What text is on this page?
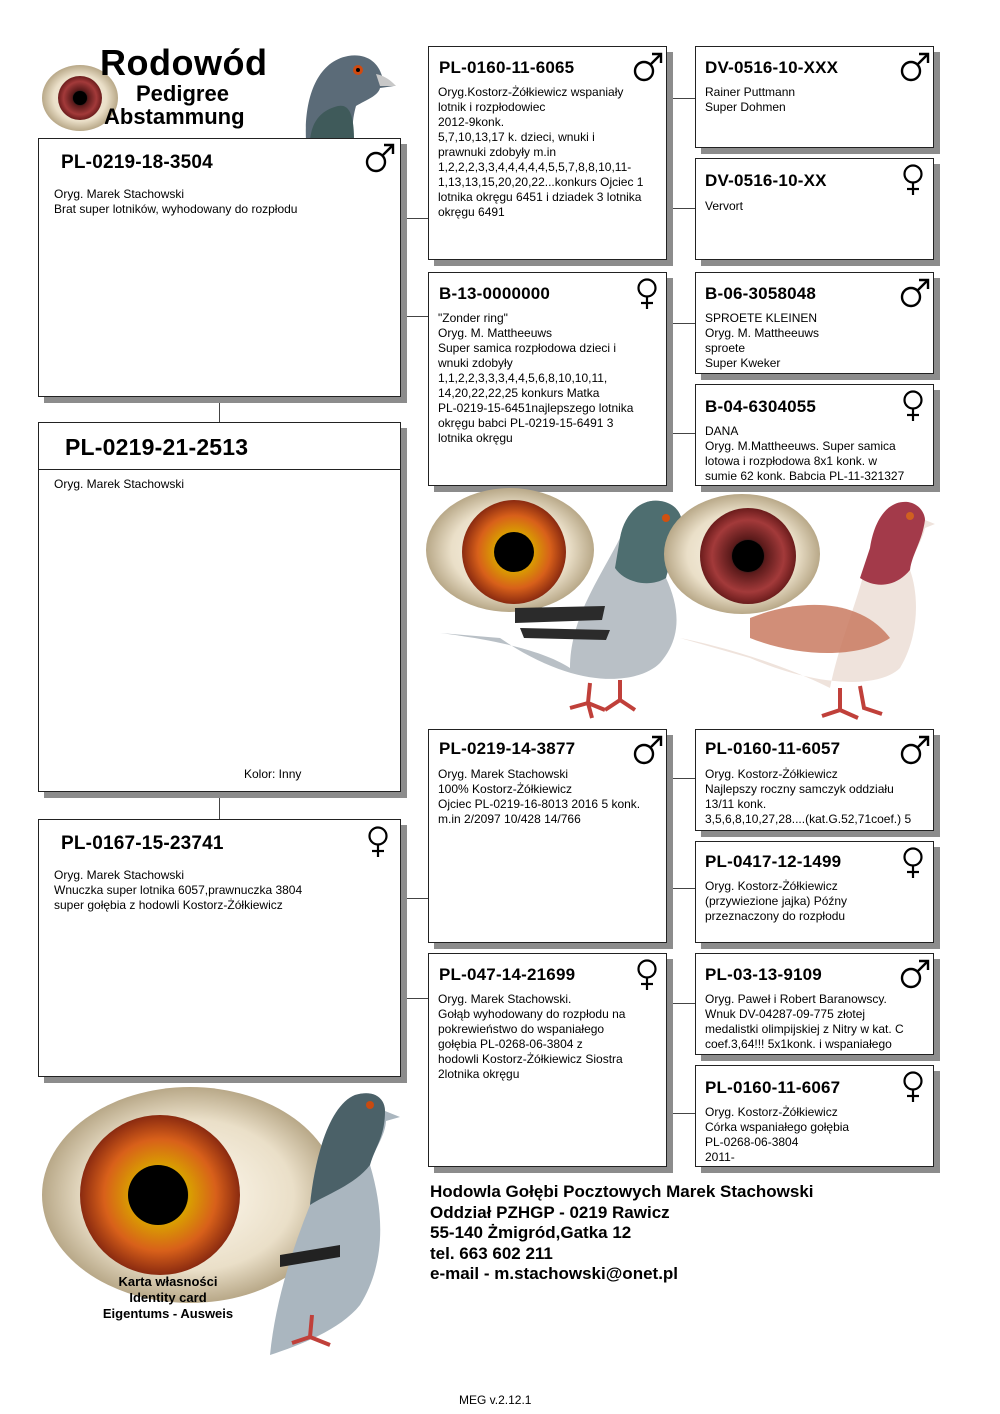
Rodowód
Pedigree
Abstammung
PL-0219-18-3504
Oryg. Marek Stachowski
Brat super lotników, wyhodowany do rozpłodu
PL-0219-21-2513
Oryg. Marek Stachowski
Kolor: Inny
PL-0167-15-23741
Oryg. Marek Stachowski
Wnuczka super lotnika 6057,prawnuczka 3804
super gołębia z hodowli Kostorz-Żółkiewicz
PL-0160-11-6065
Oryg.Kostorz-Żółkiewicz wspaniały
lotnik i rozpłodowiec
2012-9konk.
5,7,10,13,17 k. dzieci, wnuki i
prawnuki zdobyły m.in
1,2,2,2,3,3,4,4,4,4,4,5,5,7,8,8,10,11-
1,13,13,15,20,20,22...konkurs Ojciec 1
lotnika okręgu 6451 i dziadek 3 lotnika
okręgu 6491
B-13-0000000
"Zonder ring"
Oryg. M. Mattheeuws
Super samica rozpłodowa dzieci i
wnuki zdobyły
1,1,2,2,3,3,3,4,4,5,6,8,10,10,11,
14,20,22,22,25 konkurs Matka
PL-0219-15-6451najlepszego lotnika
okręgu babci PL-0219-15-6491 3
lotnika okręgu
PL-0219-14-3877
Oryg. Marek Stachowski
100% Kostorz-Żółkiewicz
Ojciec PL-0219-16-8013 2016 5 konk.
m.in 2/2097 10/428 14/766
PL-047-14-21699
Oryg. Marek Stachowski.
Gołąb wyhodowany do rozpłodu na
pokrewieństwo do wspaniałego
gołębia PL-0268-06-3804 z
hodowli Kostorz-Żółkiewicz Siostra
2lotnika okręgu
DV-0516-10-XXX
Rainer Puttmann
Super Dohmen
DV-0516-10-XX
Vervort
B-06-3058048
SPROETE KLEINEN
Oryg. M. Mattheeuws
sproete
Super Kweker
B-04-6304055
DANA
Oryg. M.Mattheeuws. Super samica
lotowa i rozpłodowa 8x1 konk. w
sumie 62 konk. Babcia PL-11-321327
PL-0160-11-6057
Oryg. Kostorz-Żółkiewicz
Najlepszy roczny samczyk oddziału
13/11 konk.
3,5,6,8,10,27,28....(kat.G.52,71coef.) 5
PL-0417-12-1499
Oryg. Kostorz-Żółkiewicz
(przywiezione jajka) Późny
przeznaczony do rozpłodu
PL-03-13-9109
Oryg. Paweł i Robert Baranowscy.
Wnuk DV-04287-09-775 złotej
medalistki olimpijskiej z Nitry w kat. C
coef.3,64!!! 5x1konk. i wspaniałego
PL-0160-11-6067
Oryg. Kostorz-Żółkiewicz
Córka wspaniałego gołębia
PL-0268-06-3804
2011-
Karta własności
Identity card
Eigentums - Ausweis
Hodowla Gołębi Pocztowych Marek Stachowski
Oddział PZHGP - 0219 Rawicz
55-140 Żmigród,Gatka 12
tel. 663 602 211
e-mail - m.stachowski@onet.pl
MEG v.2.12.1
